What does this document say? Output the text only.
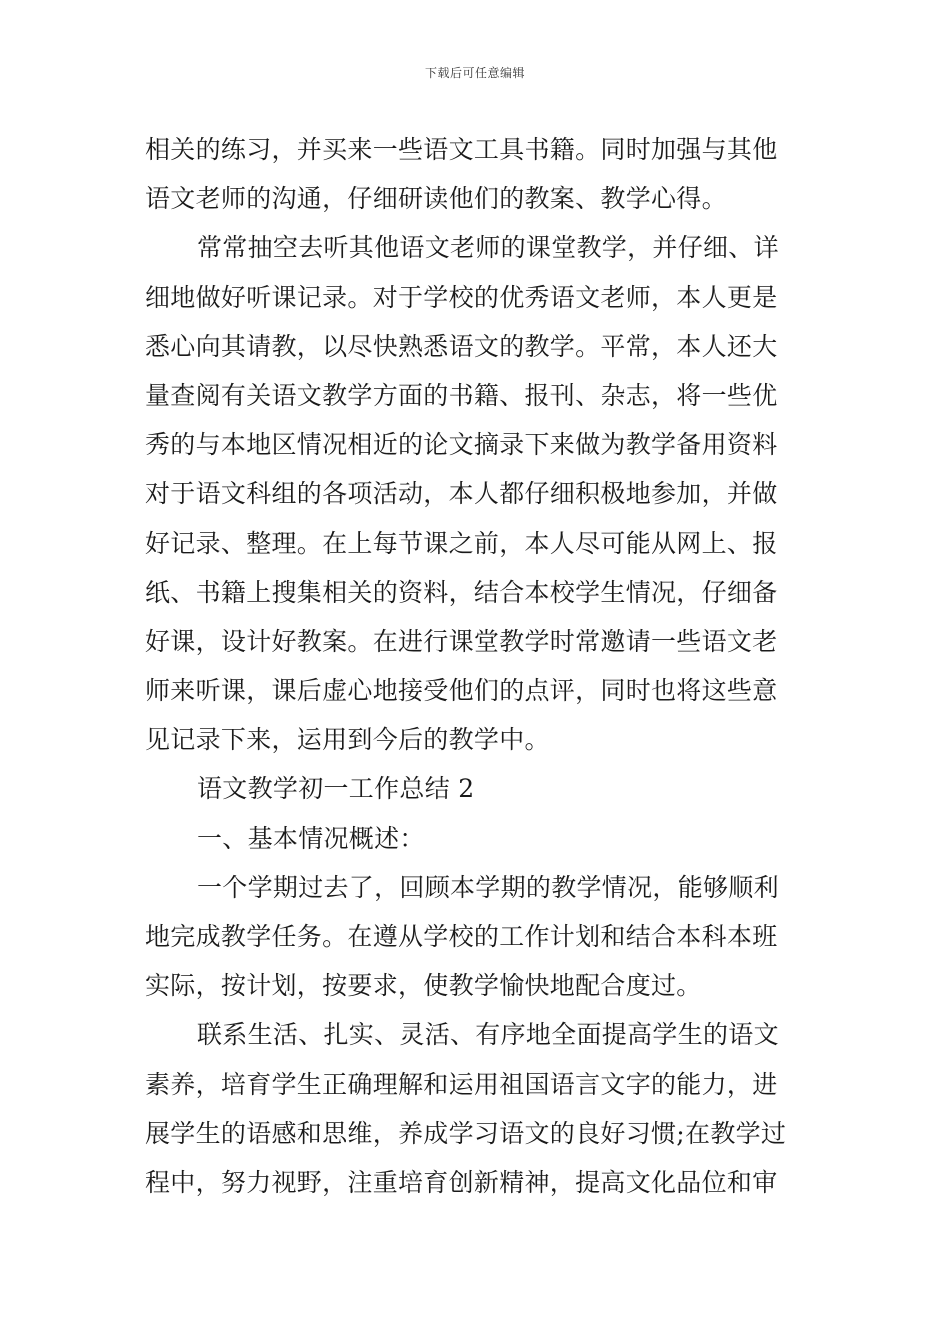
下载后可任意编辑
相关的练习，并买来一些语文工具书籍。同时加强与其他
语文老师的沟通，仔细研读他们的教案、教学心得。
常常抽空去听其他语文老师的课堂教学，并仔细、详
细地做好听课记录。对于学校的优秀语文老师，本人更是
悉心向其请教，以尽快熟悉语文的教学。平常，本人还大
量查阅有关语文教学方面的书籍、报刊、杂志，将一些优
秀的与本地区情况相近的论文摘录下来做为教学备用资料
对于语文科组的各项活动，本人都仔细积极地参加，并做
好记录、整理。在上每节课之前，本人尽可能从网上、报
纸、书籍上搜集相关的资料，结合本校学生情况，仔细备
好课，设计好教案。在进行课堂教学时常邀请一些语文老
师来听课，课后虚心地接受他们的点评，同时也将这些意
见记录下来，运用到今后的教学中。
语文教学初一工作总结 2
一、基本情况概述：
一个学期过去了，回顾本学期的教学情况，能够顺利
地完成教学任务。在遵从学校的工作计划和结合本科本班
实际，按计划，按要求，使教学愉快地配合度过。
联系生活、扎实、灵活、有序地全面提高学生的语文
素养，培育学生正确理解和运用祖国语言文字的能力，进
展学生的语感和思维，养成学习语文的良好习惯;在教学过
程中，努力视野，注重培育创新精神，提高文化品位和审
